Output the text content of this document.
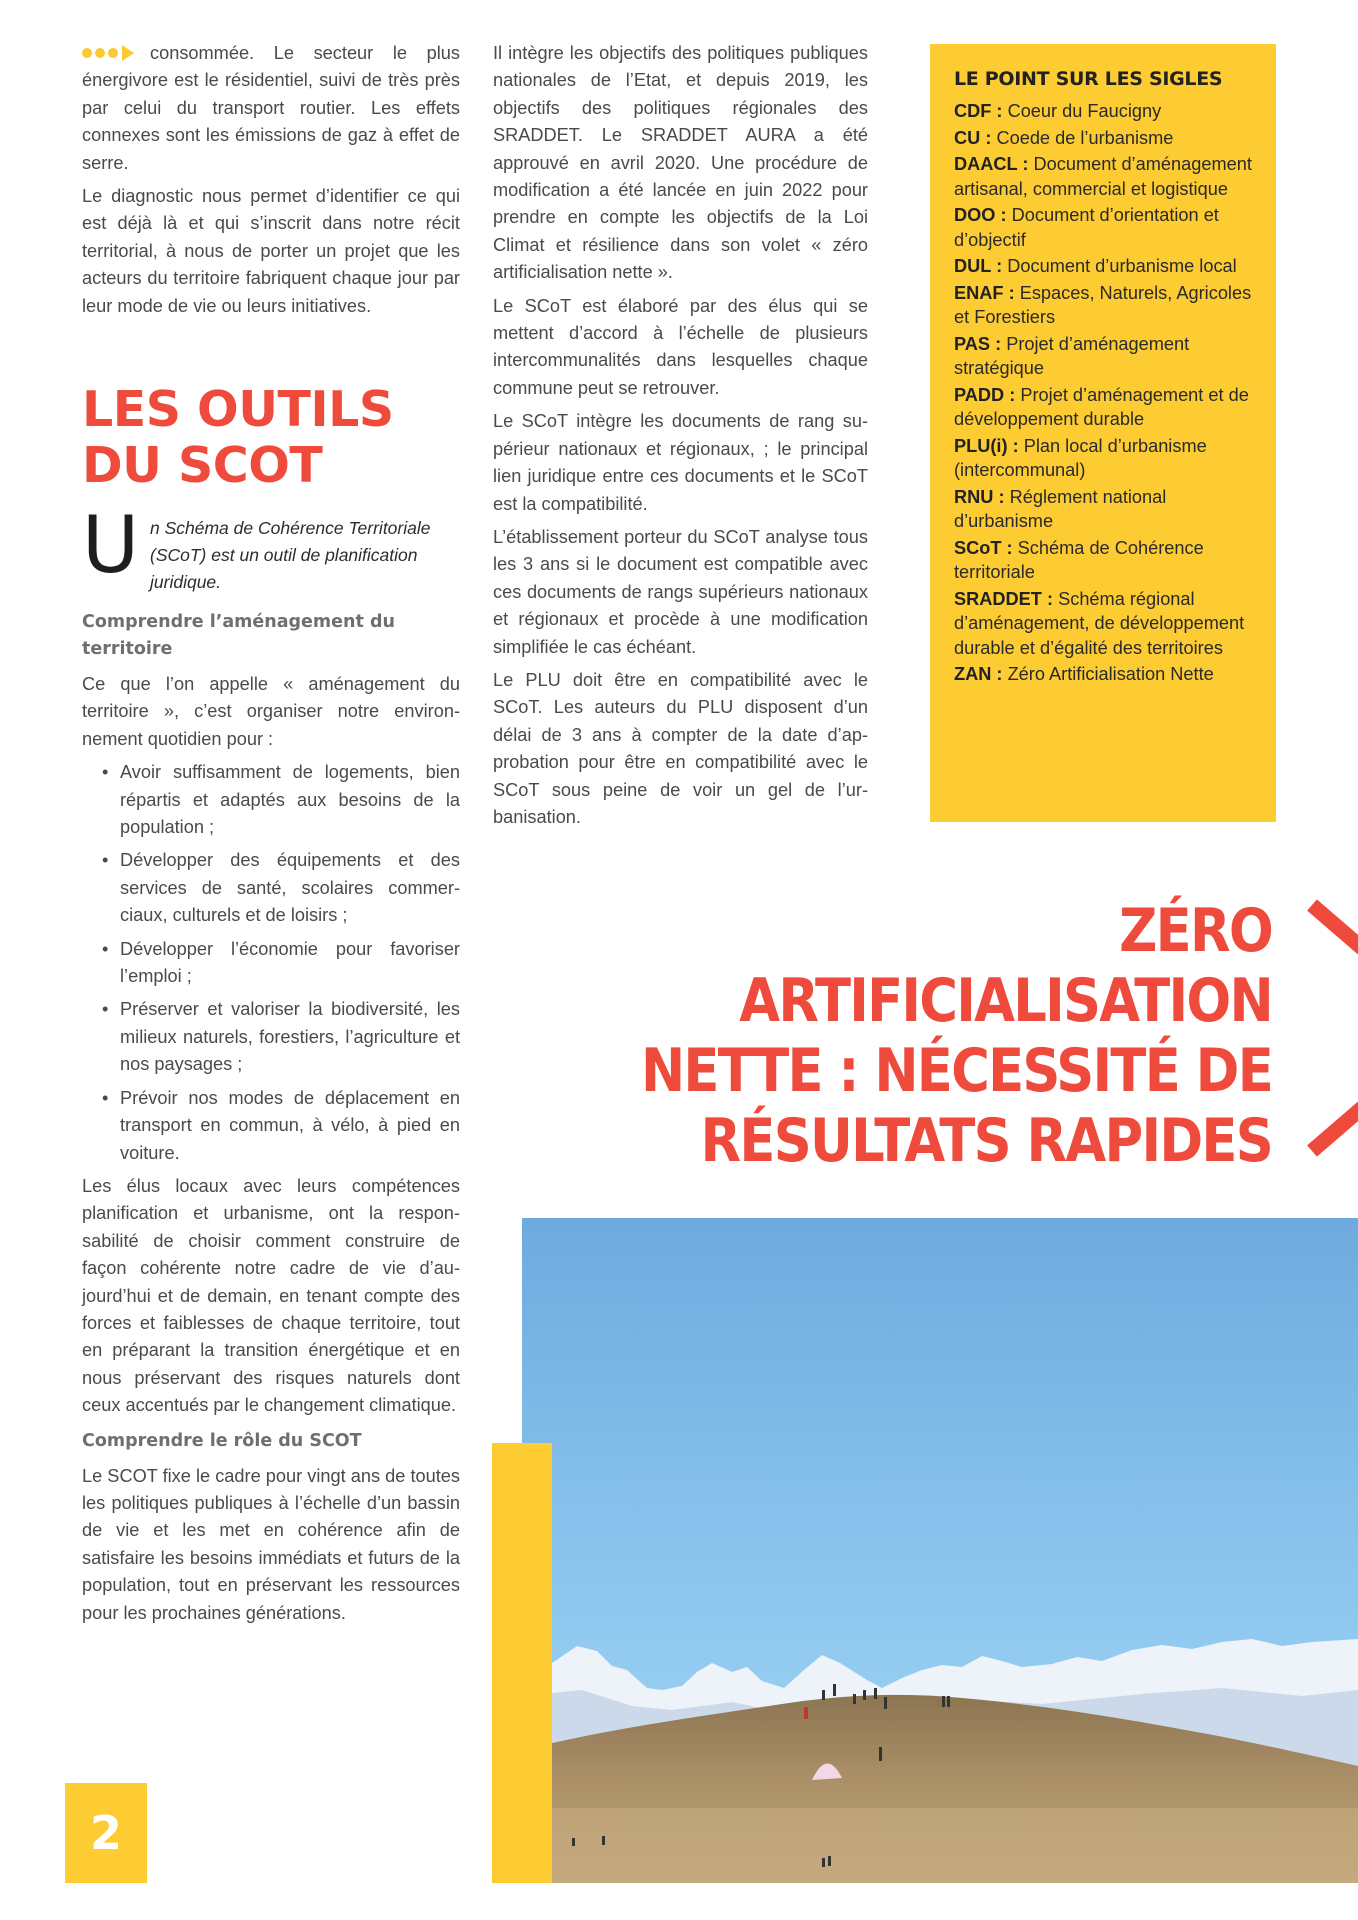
consommée. Le secteur le plus énergivore est le résidentiel, suivi de très près par celui du transport routier. Les effets connexes sont les émissions de gaz à effet de serre.

Le diagnostic nous permet d’identifier ce qui est déjà là et qui s’inscrit dans notre récit territorial, à nous de porter un projet que les acteurs du territoire fabriquent chaque jour par leur mode de vie ou leurs initiatives.

LES OUTILS
DU SCOT
U n Schéma de Cohérence Territoriale (SCoT) est un outil de planification juridique.
Comprendre l’aménagement du territoire

Ce que l’on appelle « aménagement du territoire », c’est organiser notre environnement quotidien pour :

• Avoir suffisamment de logements, bien répartis et adaptés aux besoins de la population ;
• Développer des équipements et des services de santé, scolaires commerciaux, culturels et de loisirs ;
• Développer l’économie pour favoriser l’emploi ;
• Préserver et valoriser la biodiversité, les milieux naturels, forestiers, l’agriculture et nos paysages ;
• Prévoir nos modes de déplacement en transport en commun, à vélo, à pied en voiture.

Les élus locaux avec leurs compétences planification et urbanisme, ont la responsabilité de choisir comment construire de façon cohérente notre cadre de vie d’aujourd’hui et de demain, en tenant compte des forces et faiblesses de chaque territoire, tout en préparant la transition énergétique et en nous préservant des risques naturels dont ceux accentués par le changement climatique.

Comprendre le rôle du SCOT

Le SCOT fixe le cadre pour vingt ans de toutes les politiques publiques à l’échelle d’un bassin de vie et les met en cohérence afin de satisfaire les besoins immédiats et futurs de la population, tout en préservant les ressources pour les prochaines générations.

Il intègre les objectifs des politiques publiques nationales de l’Etat, et depuis 2019, les objectifs des politiques régionales des SRADDET. Le SRADDET AURA a été approuvé en avril 2020. Une procédure de modification a été lancée en juin 2022 pour prendre en compte les objectifs de la Loi Climat et résilience dans son volet « zéro artificialisation nette ».

Le SCoT est élaboré par des élus qui se mettent d’accord à l’échelle de plusieurs intercommunalités dans lesquelles chaque commune peut se retrouver.

Le SCoT intègre les documents de rang supérieur nationaux et régionaux, ; le principal lien juridique entre ces documents et le SCoT est la compatibilité.

L’établissement porteur du SCoT analyse tous les 3 ans si le document est compatible avec ces documents de rangs supérieurs nationaux et régionaux et procède à une modification simplifiée le cas échéant.

Le PLU doit être en compatibilité avec le SCoT. Les auteurs du PLU disposent d’un délai de 3 ans à compter de la date d’approbation pour être en compatibilité avec le SCoT sous peine de voir un gel de l’urbanisation.

LE POINT SUR LES SIGLES
CDF : Coeur du Faucigny
CU : Coede de l’urbanisme
DAACL : Document d’aménagement artisanal, commercial et logistique
DOO : Document d’orientation et d’objectif
DUL : Document d’urbanisme local
ENAF : Espaces, Naturels, Agricoles et Forestiers
PAS : Projet d’aménagement stratégique
PADD : Projet d’aménagement et de développement durable
PLU(i) : Plan local d’urbanisme (intercommunal)
RNU : Réglement national d’urbanisme
SCoT : Schéma de Cohérence territoriale
SRADDET : Schéma régional d’aménagement, de développement durable et d’égalité des territoires
ZAN : Zéro Artificialisation Nette
ZÉRO
ARTIFICIALISATION
NETTE : NÉCESSITÉ DE
RÉSULTATS RAPIDES
2
